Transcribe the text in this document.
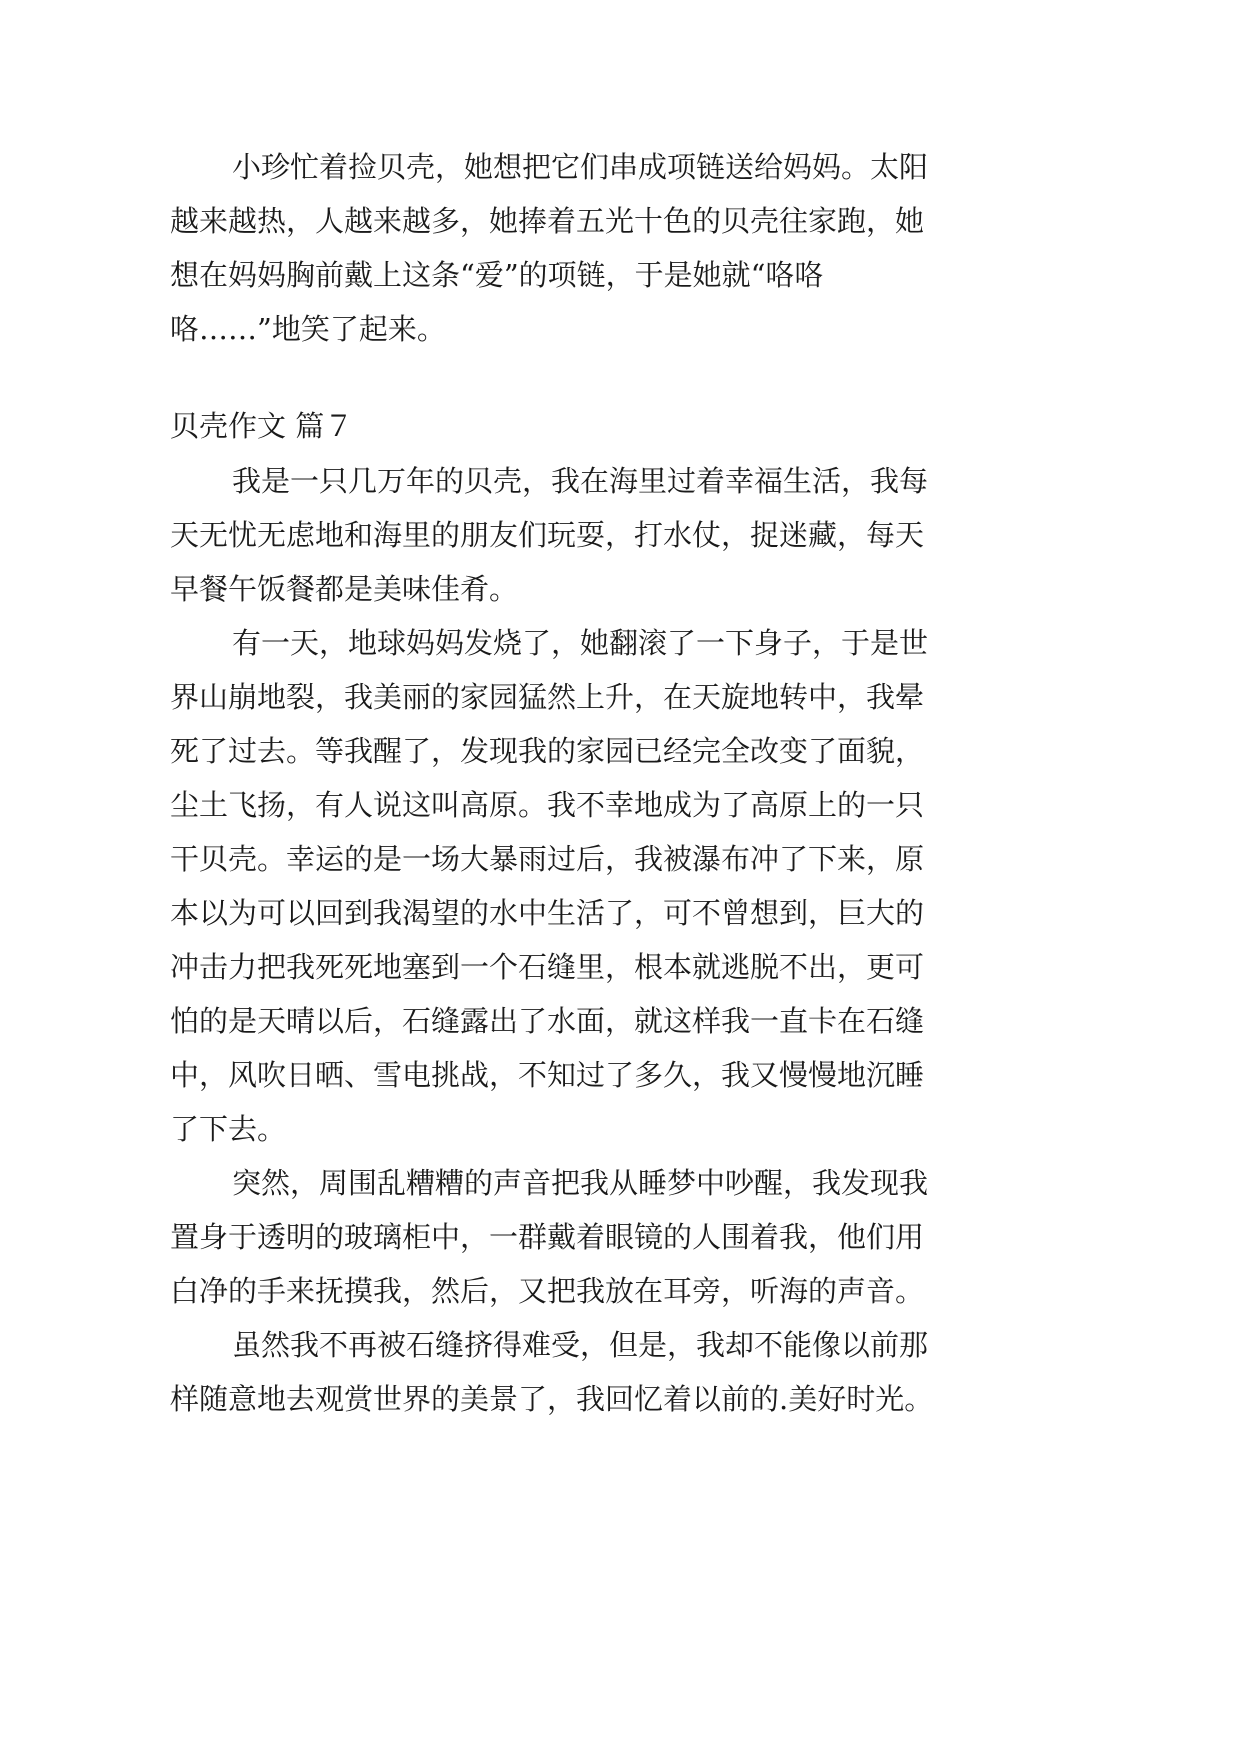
小珍忙着捡贝壳，她想把它们串成项链送给妈妈。太阳
越来越热，人越来越多，她捧着五光十色的贝壳往家跑，她
想在妈妈胸前戴上这条“爱”的项链，于是她就“咯咯
咯……”地笑了起来。
贝壳作文 篇７
我是一只几万年的贝壳，我在海里过着幸福生活，我每
天无忧无虑地和海里的朋友们玩耍，打水仗，捉迷藏，每天
早餐午饭餐都是美味佳肴。
有一天，地球妈妈发烧了，她翻滚了一下身子，于是世
界山崩地裂，我美丽的家园猛然上升，在天旋地转中，我晕
死了过去。等我醒了，发现我的家园已经完全改变了面貌，
尘土飞扬，有人说这叫高原。我不幸地成为了高原上的一只
干贝壳。幸运的是一场大暴雨过后，我被瀑布冲了下来，原
本以为可以回到我渴望的水中生活了，可不曾想到，巨大的
冲击力把我死死地塞到一个石缝里，根本就逃脱不出，更可
怕的是天晴以后，石缝露出了水面，就这样我一直卡在石缝
中，风吹日晒、雪电挑战，不知过了多久，我又慢慢地沉睡
了下去。
突然，周围乱糟糟的声音把我从睡梦中吵醒，我发现我
置身于透明的玻璃柜中，一群戴着眼镜的人围着我，他们用
白净的手来抚摸我，然后，又把我放在耳旁，听海的声音。
虽然我不再被石缝挤得难受，但是，我却不能像以前那
样随意地去观赏世界的美景了，我回忆着以前的.美好时光。
